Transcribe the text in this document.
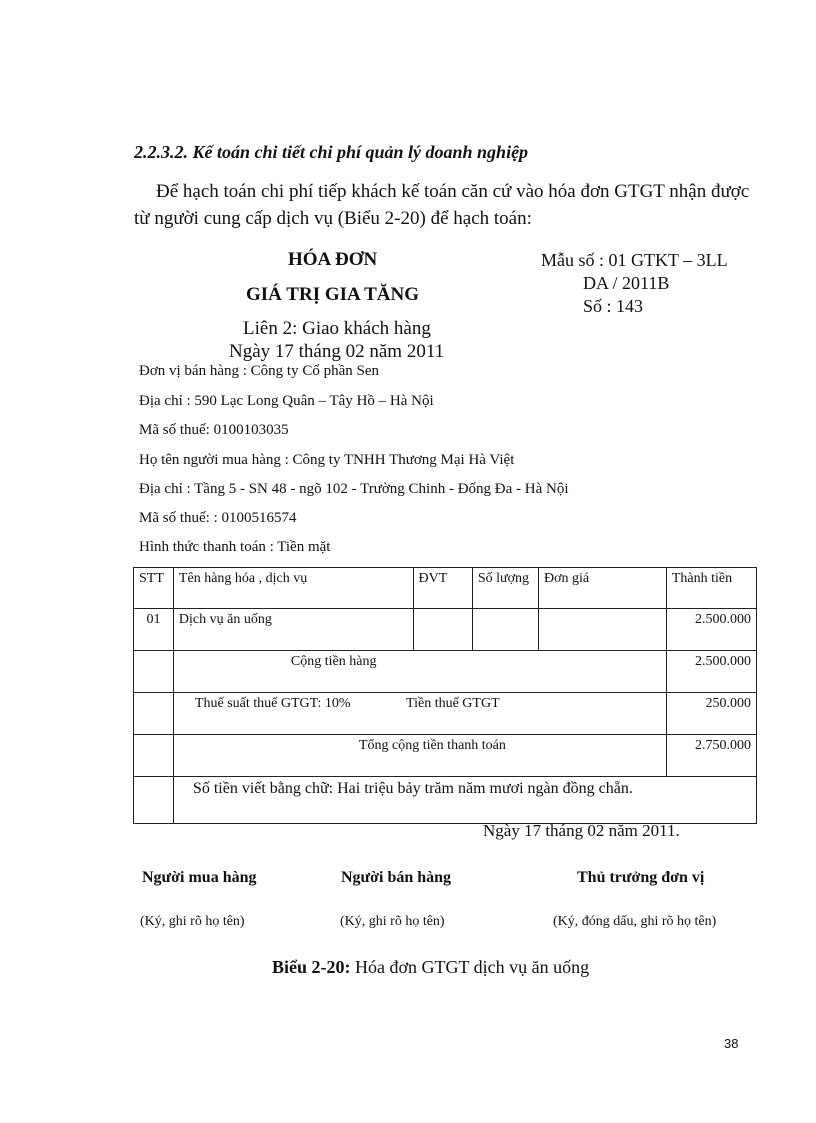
2.2.3.2. Kế toán chi tiết chi phí quản lý doanh nghiệp
Để hạch toán chi phí tiếp khách kế toán căn cứ vào hóa đơn GTGT nhận được
từ người cung cấp dịch vụ (Biểu 2-20) để hạch toán:
HÓA ĐƠN
GIÁ TRỊ GIA TĂNG
Liên 2: Giao khách hàng
Ngày 17 tháng 02 năm 2011
Mẫu số : 01 GTKT – 3LL
DA / 2011B
Số : 143
Đơn vị bán hàng : Công ty Cổ phần Sen
Địa chỉ : 590 Lạc Long Quân – Tây Hồ – Hà Nội
Mã số thuế: 0100103035
Họ tên người mua hàng : Công ty TNHH Thương Mại Hà Việt
Địa chỉ : Tầng 5 - SN 48 - ngõ 102 - Trường Chinh - Đống Đa - Hà Nội
Mã số thuế: : 0100516574
Hình thức thanh toán : Tiền mặt
STT	Tên hàng hóa , dịch vụ	ĐVT	Số lượng	Đơn giá	Thành tiền
01	Dịch vụ ăn uống				2.500.000
	Cộng tiền hàng				2.500.000
	Thuế suất thuế GTGT: 10% Tiền thuế GTGT				250.000
	Tổng cộng tiền thanh toán				2.750.000
	Số tiền viết bằng chữ: Hai triệu bảy trăm năm mươi ngàn đồng chẵn.				
Ngày 17 tháng 02 năm 2011.
Người mua hàng	Người bán hàng	Thủ trưởng đơn vị
(Ký, ghi rõ họ tên)	(Ký, ghi rõ họ tên)	(Ký, đóng dấu, ghi rõ họ tên)
Biểu 2-20: Hóa đơn GTGT dịch vụ ăn uống
38
